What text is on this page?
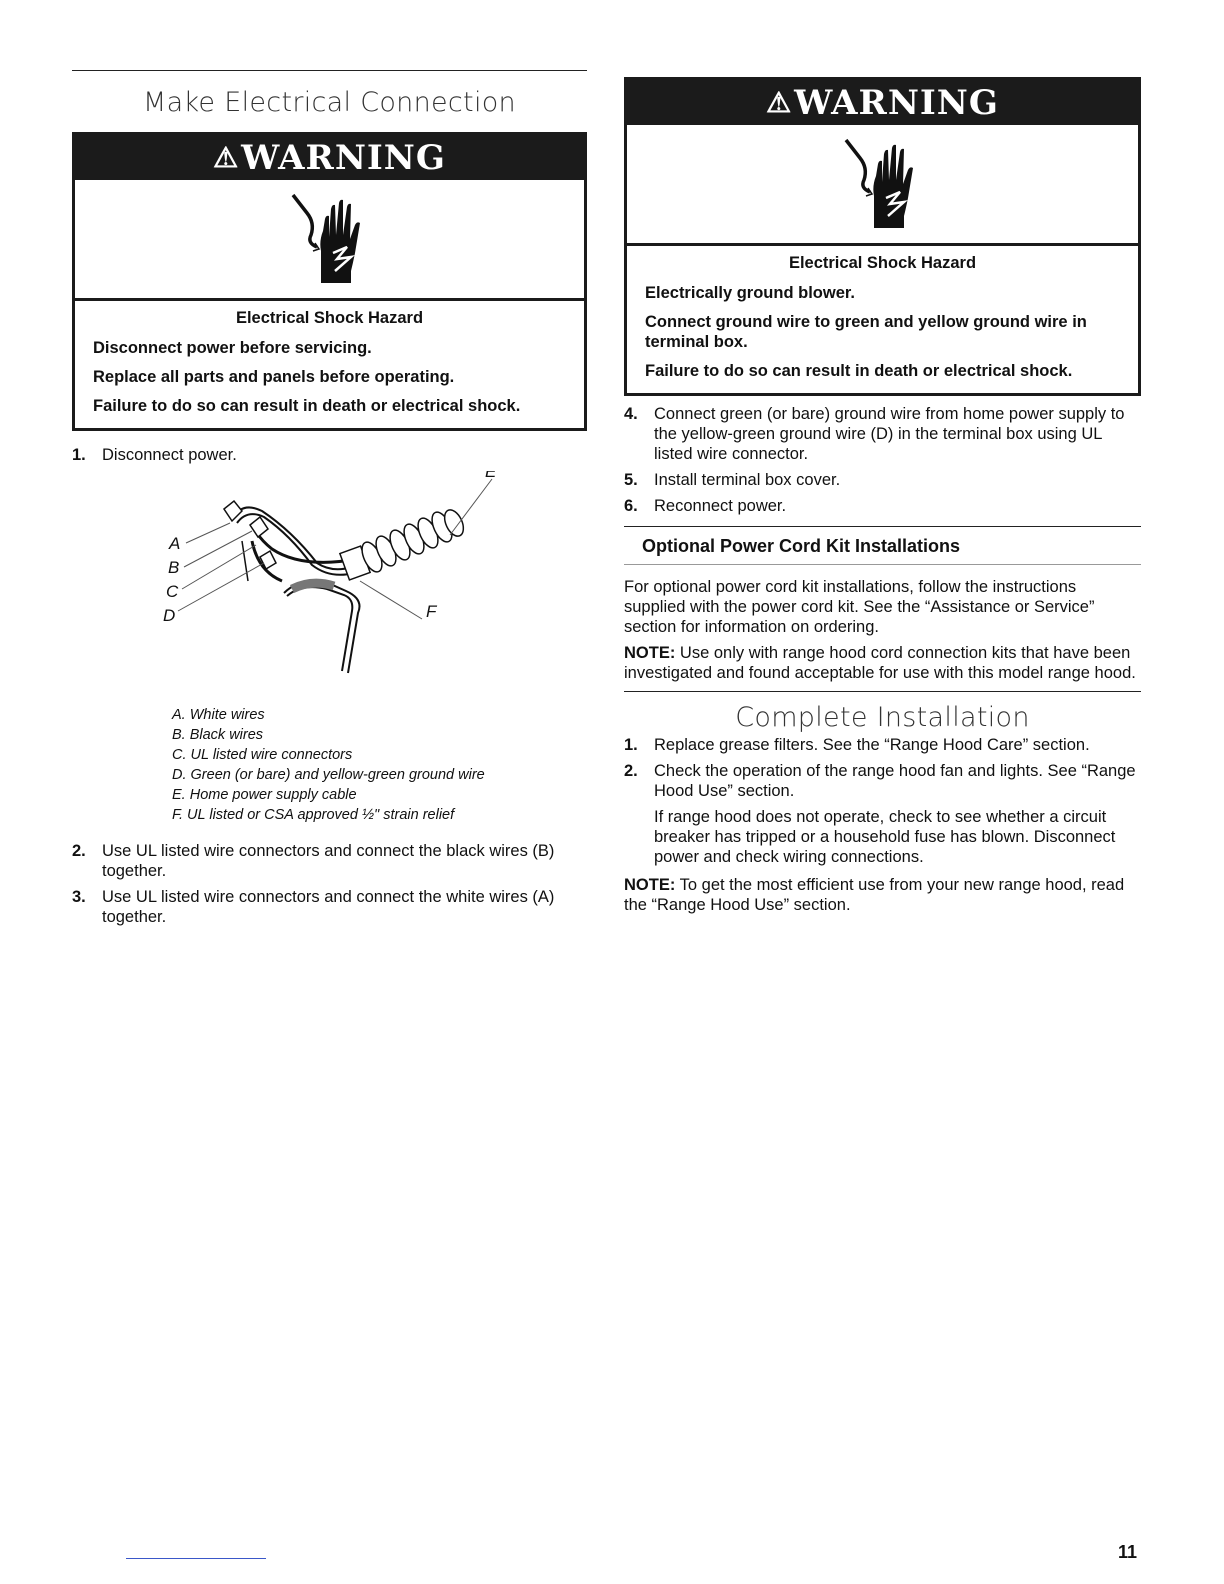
Make Electrical Connection
⚠WARNING
Electrical Shock Hazard

Disconnect power before servicing.

Replace all parts and panels before operating.

Failure to do so can result in death or electrical shock.

1. Disconnect power.
A
B
C
D
E
F
A. White wires
B. Black wires
C. UL listed wire connectors
D. Green (or bare) and yellow-green ground wire
E. Home power supply cable
F. UL listed or CSA approved ½" strain relief
2. Use UL listed wire connectors and connect the black wires (B) together.
3. Use UL listed wire connectors and connect the white wires (A) together.
⚠WARNING
Electrical Shock Hazard

Electrically ground blower.

Connect ground wire to green and yellow ground wire in terminal box.

Failure to do so can result in death or electrical shock.

4. Connect green (or bare) ground wire from home power supply to the yellow-green ground wire (D) in the terminal box using UL listed wire connector.
5. Install terminal box cover.
6. Reconnect power.
Optional Power Cord Kit Installations

For optional power cord kit installations, follow the instructions supplied with the power cord kit. See the “Assistance or Service” section for information on ordering.

NOTE: Use only with range hood cord connection kits that have been investigated and found acceptable for use with this model range hood.

Complete Installation
1. Replace grease filters. See the “Range Hood Care” section.
2. Check the operation of the range hood fan and lights. See “Range Hood Use” section.

If range hood does not operate, check to see whether a circuit breaker has tripped or a household fuse has blown. Disconnect power and check wiring connections.

NOTE: To get the most efficient use from your new range hood, read the “Range Hood Use” section.

11
